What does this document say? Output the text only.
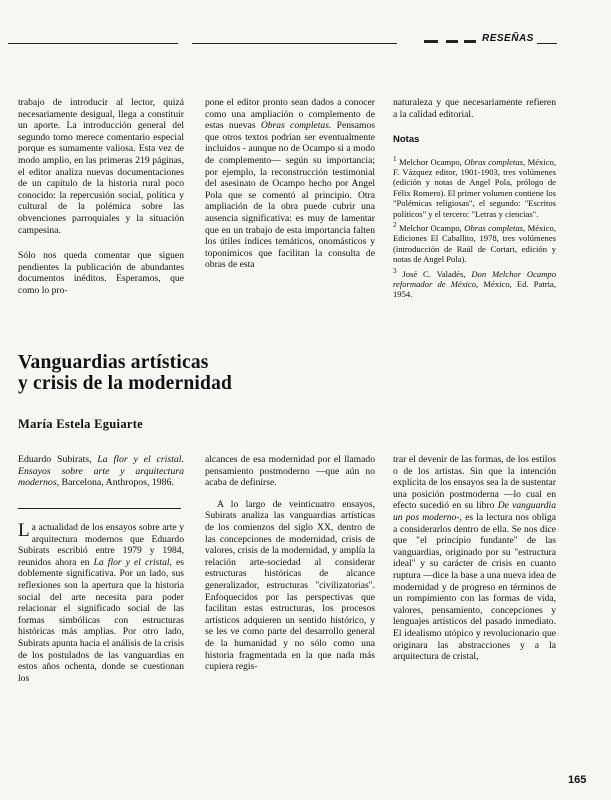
RESEÑAS

trabajo de introducir al lector, quizá necesariamente desigual, llega a constituir un aporte. La introducción general del segundo tomo merece comentario especial porque es sumamente valiosa. Esta vez de modo amplio, en las primeras 219 páginas, el editor analiza nuevas documentaciones de un capítulo de la historia rural poco conocido: la repercusión social, política y cultural de la polémica sobre las obvenciones parroquiales y la situación campesina.

Sólo nos queda comentar que siguen pendientes la publicación de abundantes documentos inéditos. Esperamos, que como lo pro-

pone el editor pronto sean dados a conocer como una ampliación o complemento de estas nuevas Obras completas. Pensamos que otros textos podrían ser eventualmente incluidos - aunque no de Ocampo si a modo de complemento— según su importancia; por ejemplo, la reconstrucción testimonial del asesinato de Ocampo hecho por Angel Pola que se comentó al principio. Otra ampliación de la obra puede cubrir una ausencia significativa: es muy de lamentar que en un trabajo de esta importancia falten los útiles índices temáticos, onomásticos y toponímicos que facilitan la consulta de obras de esta

naturaleza y que necesariamente refieren a la calidad editorial.

Notas

$^1$ Melchor Ocampo, Obras completas, México, F. Vázquez editor, 1901-1903, tres volúmenes (edición y notas de Angel Pola, prólogo de Félix Romero). El primer volumen contiene los "Polémicas religiosas", el segundo: "Escritos políticos" y el tercero: "Letras y ciencias".

$^2$ Melchor Ocampo, Obras completas, México, Ediciones El Caballito, 1978, tres volúmenes (introducción de Raúl de Cortari, edición y notas de Angel Pola).

$^3$ José C. Valadés, Don Melchor Ocampo reformador de México, México, Ed. Patria, 1954.

Vanguardias artísticas
y crisis de la modernidad
María Estela Eguiarte

Eduardo Subirats, La flor y el cristal. Ensayos sobre arte y arquitectura modernos, Barcelona, Anthropos, 1986.

La actualidad de los ensayos sobre arte y arquitectura modernos que Eduardo Subirats escribió entre 1979 y 1984, reunidos ahora en La flor y el cristal, es doblemente significativa. Por un lado, sus reflexiones son la apertura que la historia social del arte necesita para poder relacionar el significado social de las formas simbólicas con estructuras históricas más amplias. Por otro lado, Subirats apunta hacia el análisis de la crisis de los postulados de las vanguardias en estos años ochenta, donde se cuestionan los

alcances de esa modernidad por el llamado pensamiento postmoderno —que aún no acaba de definirse.

A lo largo de veinticuatro ensayos, Subirats analiza las vanguardias artísticas de los comienzos del siglo XX, dentro de las concepciones de modernidad, crisis de valores, crisis de la modernidad, y amplía la relación arte-sociedad al considerar estructuras históricas de alcance generalizador, estructuras "civilizatorias". Enfoquecidos por las perspectivas que facilitan estas estructuras, los procesos artísticos adquieren un sentido histórico, y se les ve como parte del desarrollo general de la humanidad y no sólo como una historia fragmentada en la que nada más cupiera regis-

trar el devenir de las formas, de los estilos o de los artistas. Sin que la intención explícita de los ensayos sea la de sustentar una posición postmoderna —lo cual en efecto sucedió en su libro De vanguardia un pos moderno-, es la lectura nos obliga a considerarlos dentro de ella. Se nos dice que "el principio fundante" de las vanguardias, originado por su "estructura ideal" y su carácter de crisis en cuanto ruptura —dice la base a una nueva idea de modernidad y de progreso en términos de un rompimiento con las formas de vida, valores, pensamiento, concepciones y lenguajes artísticos del pasado inmediato. El idealismo utópico y revolucionario que originara las abstracciones y a la arquitectura de cristal,

165
